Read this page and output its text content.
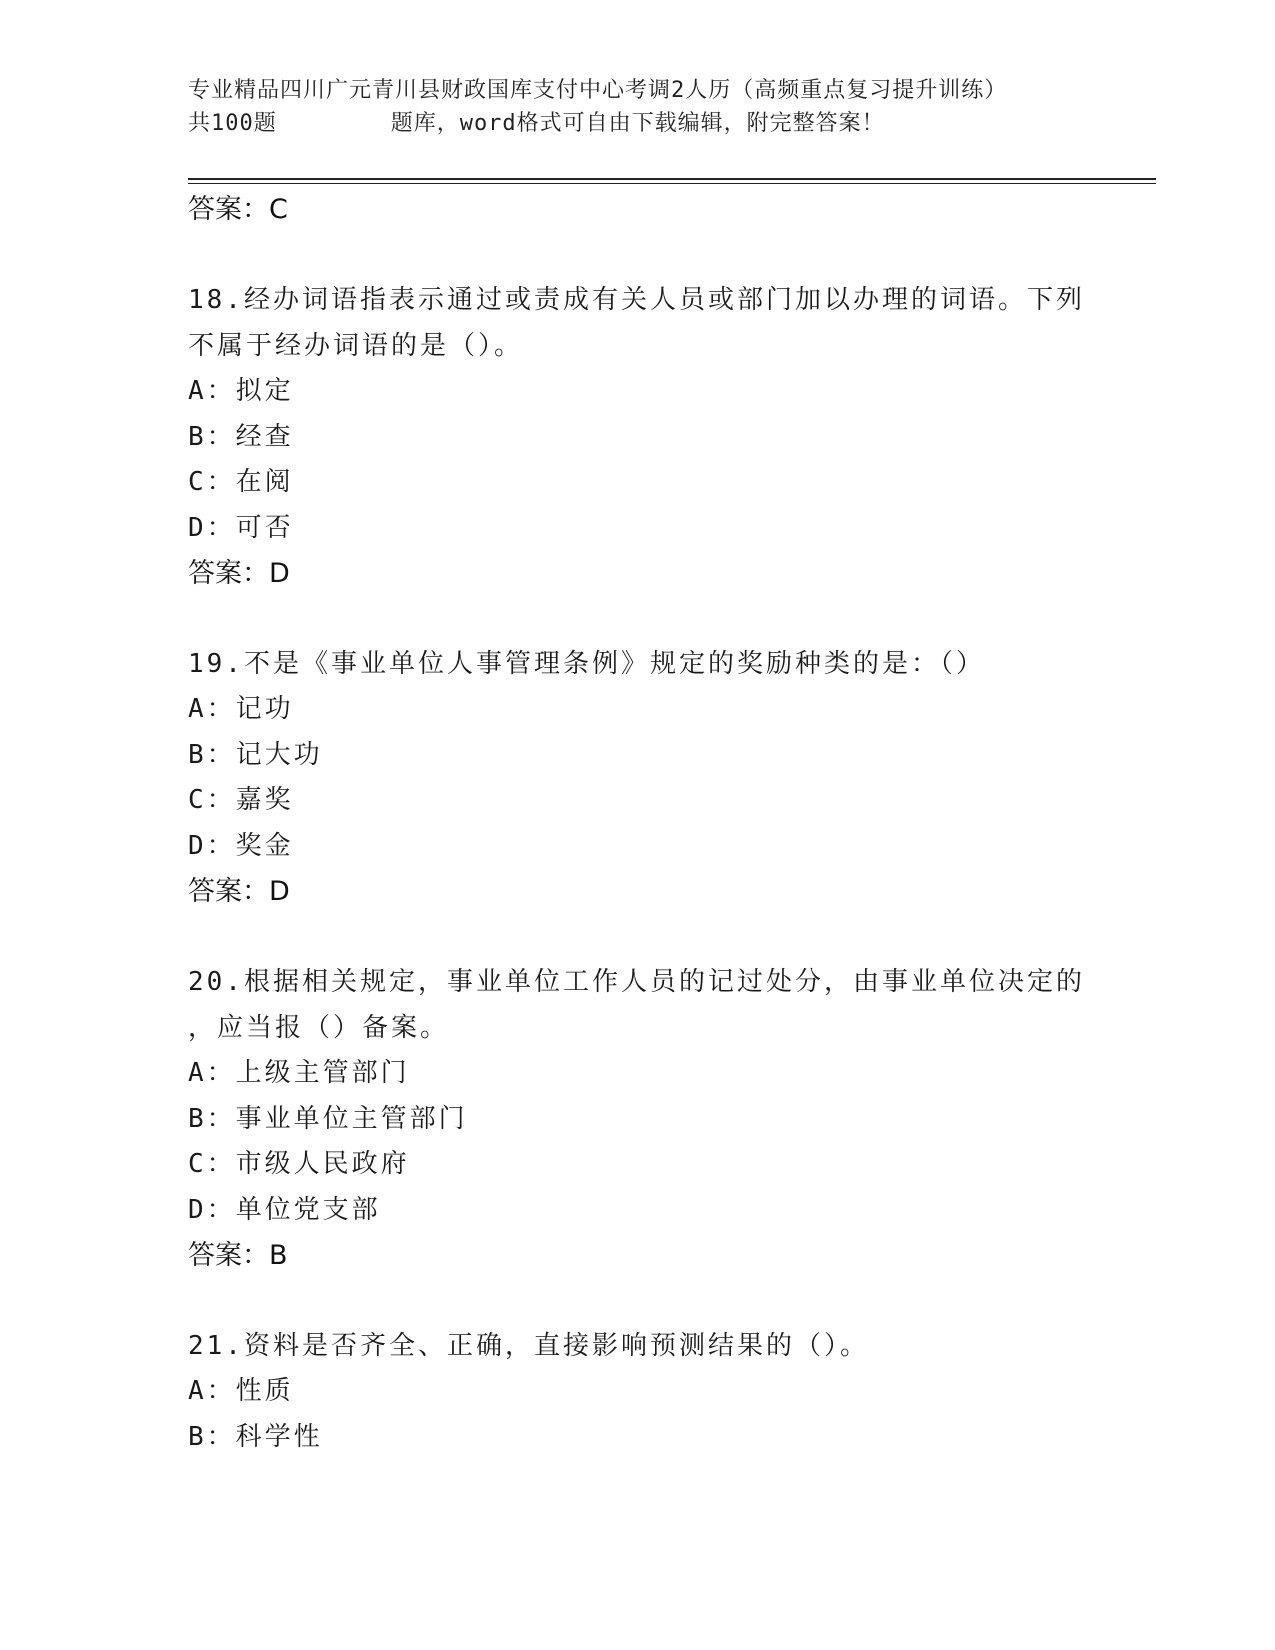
专业精品四川广元青川县财政国库支付中心考调2人历（高频重点复习提升训练）
共100题        题库，word格式可自由下载编辑，附完整答案！

答案：C

18.经办词语指表示通过或责成有关人员或部门加以办理的词语。下列

不属于经办词语的是（）。

A：拟定

B：经查

C：在阅

D：可否

答案：D

19.不是《事业单位人事管理条例》规定的奖励种类的是：（）

A：记功

B：记大功

C：嘉奖

D：奖金

答案：D

20.根据相关规定，事业单位工作人员的记过处分，由事业单位决定的

，应当报（）备案。

A：上级主管部门

B：事业单位主管部门

C：市级人民政府

D：单位党支部

答案：B

21.资料是否齐全、正确，直接影响预测结果的（）。

A：性质

B：科学性
